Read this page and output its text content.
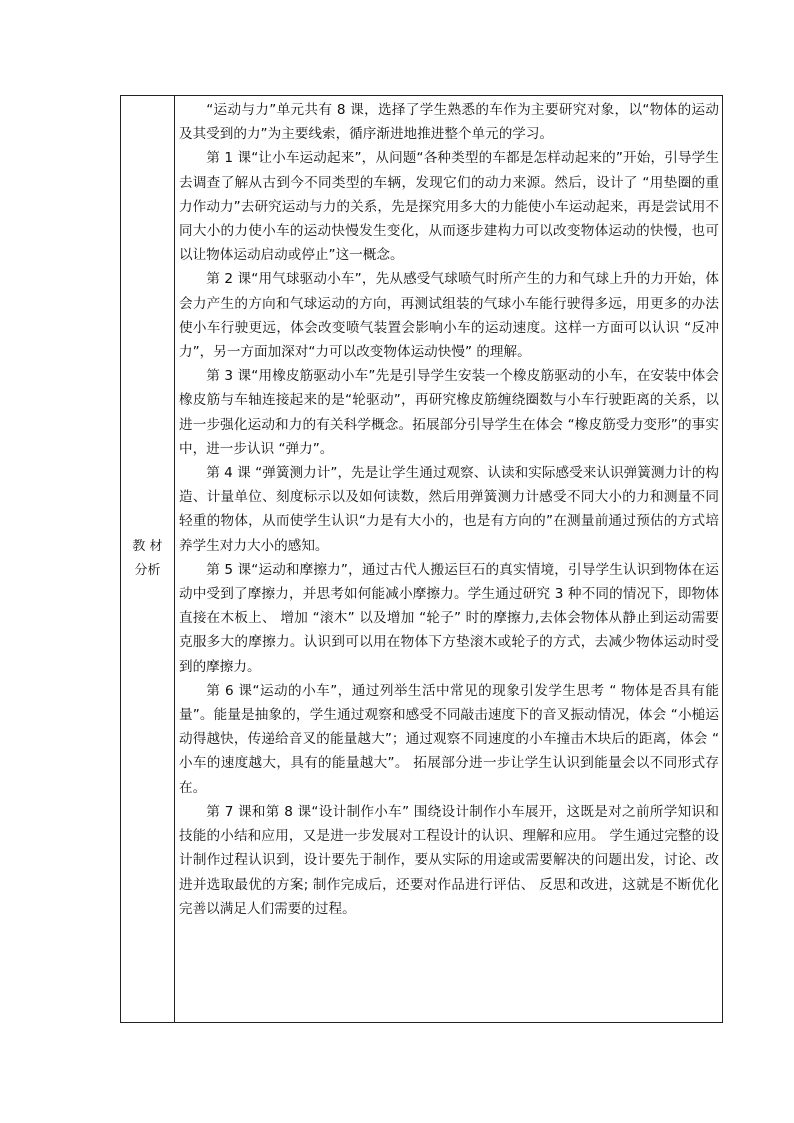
教 材
分析

“运动与力”单元共有 8 课，选择了学生熟悉的车作为主要研究对象，以“物体的运动及其受到的力”为主要线索，循序渐进地推进整个单元的学习。

第 1 课“让小车运动起来”，从问题“各种类型的车都是怎样动起来的”开始，引导学生去调查了解从古到今不同类型的车辆，发现它们的动力来源。然后，设计了 “用垫圈的重力作动力”去研究运动与力的关系，先是探究用多大的力能使小车运动起来，再是尝试用不同大小的力使小车的运动快慢发生变化，从而逐步建构力可以改变物体运动的快慢，也可以让物体运动启动或停止”这一概念。

第 2 课“用气球驱动小车”，先从感受气球喷气时所产生的力和气球上升的力开始，体会力产生的方向和气球运动的方向，再测试组装的气球小车能行驶得多远，用更多的办法使小车行驶更远，体会改变喷气装置会影响小车的运动速度。这样一方面可以认识 “反冲力”，另一方面加深对“力可以改变物体运动快慢” 的理解。

第 3 课“用橡皮筋驱动小车”先是引导学生安装一个橡皮筋驱动的小车，在安装中体会橡皮筋与车轴连接起来的是“轮驱动”，再研究橡皮筋缠绕圈数与小车行驶距离的关系，以进一步强化运动和力的有关科学概念。拓展部分引导学生在体会 “橡皮筋受力变形”的事实中，进一步认识 “弹力”。

第 4 课 “弹簧测力计”，先是让学生通过观察、认读和实际感受来认识弹簧测力计的构造、计量单位、刻度标示以及如何读数，然后用弹簧测力计感受不同大小的力和测量不同轻重的物体，从而使学生认识“力是有大小的，也是有方向的”在测量前通过预估的方式培养学生对力大小的感知。

第 5 课“运动和摩擦力”，通过古代人搬运巨石的真实情境，引导学生认识到物体在运动中受到了摩擦力，并思考如何能减小摩擦力。学生通过研究 3 种不同的情况下，即物体直接在木板上、 增加 “滚木” 以及增加 “轮子” 时的摩擦力,去体会物体从静止到运动需要克服多大的摩擦力。认识到可以用在物体下方垫滚木或轮子的方式，去减少物体运动时受到的摩擦力。

第 6 课“运动的小车”，通过列举生活中常见的现象引发学生思考 “ 物体是否具有能量”。能量是抽象的，学生通过观察和感受不同敲击速度下的音叉振动情况，体会 “小槌运动得越快，传递给音叉的能量越大”；通过观察不同速度的小车撞击木块后的距离，体会 “ 小车的速度越大，具有的能量越大”。 拓展部分进一步让学生认识到能量会以不同形式存在。

第 7 课和第 8 课“设计制作小车” 围绕设计制作小车展开，这既是对之前所学知识和技能的小结和应用，又是进一步发展对工程设计的认识、理解和应用。 学生通过完整的设计制作过程认识到，设计要先于制作，要从实际的用途或需要解决的问题出发，讨论、改进并选取最优的方案; 制作完成后，还要对作品进行评估、 反思和改进，这就是不断优化完善以满足人们需要的过程。
